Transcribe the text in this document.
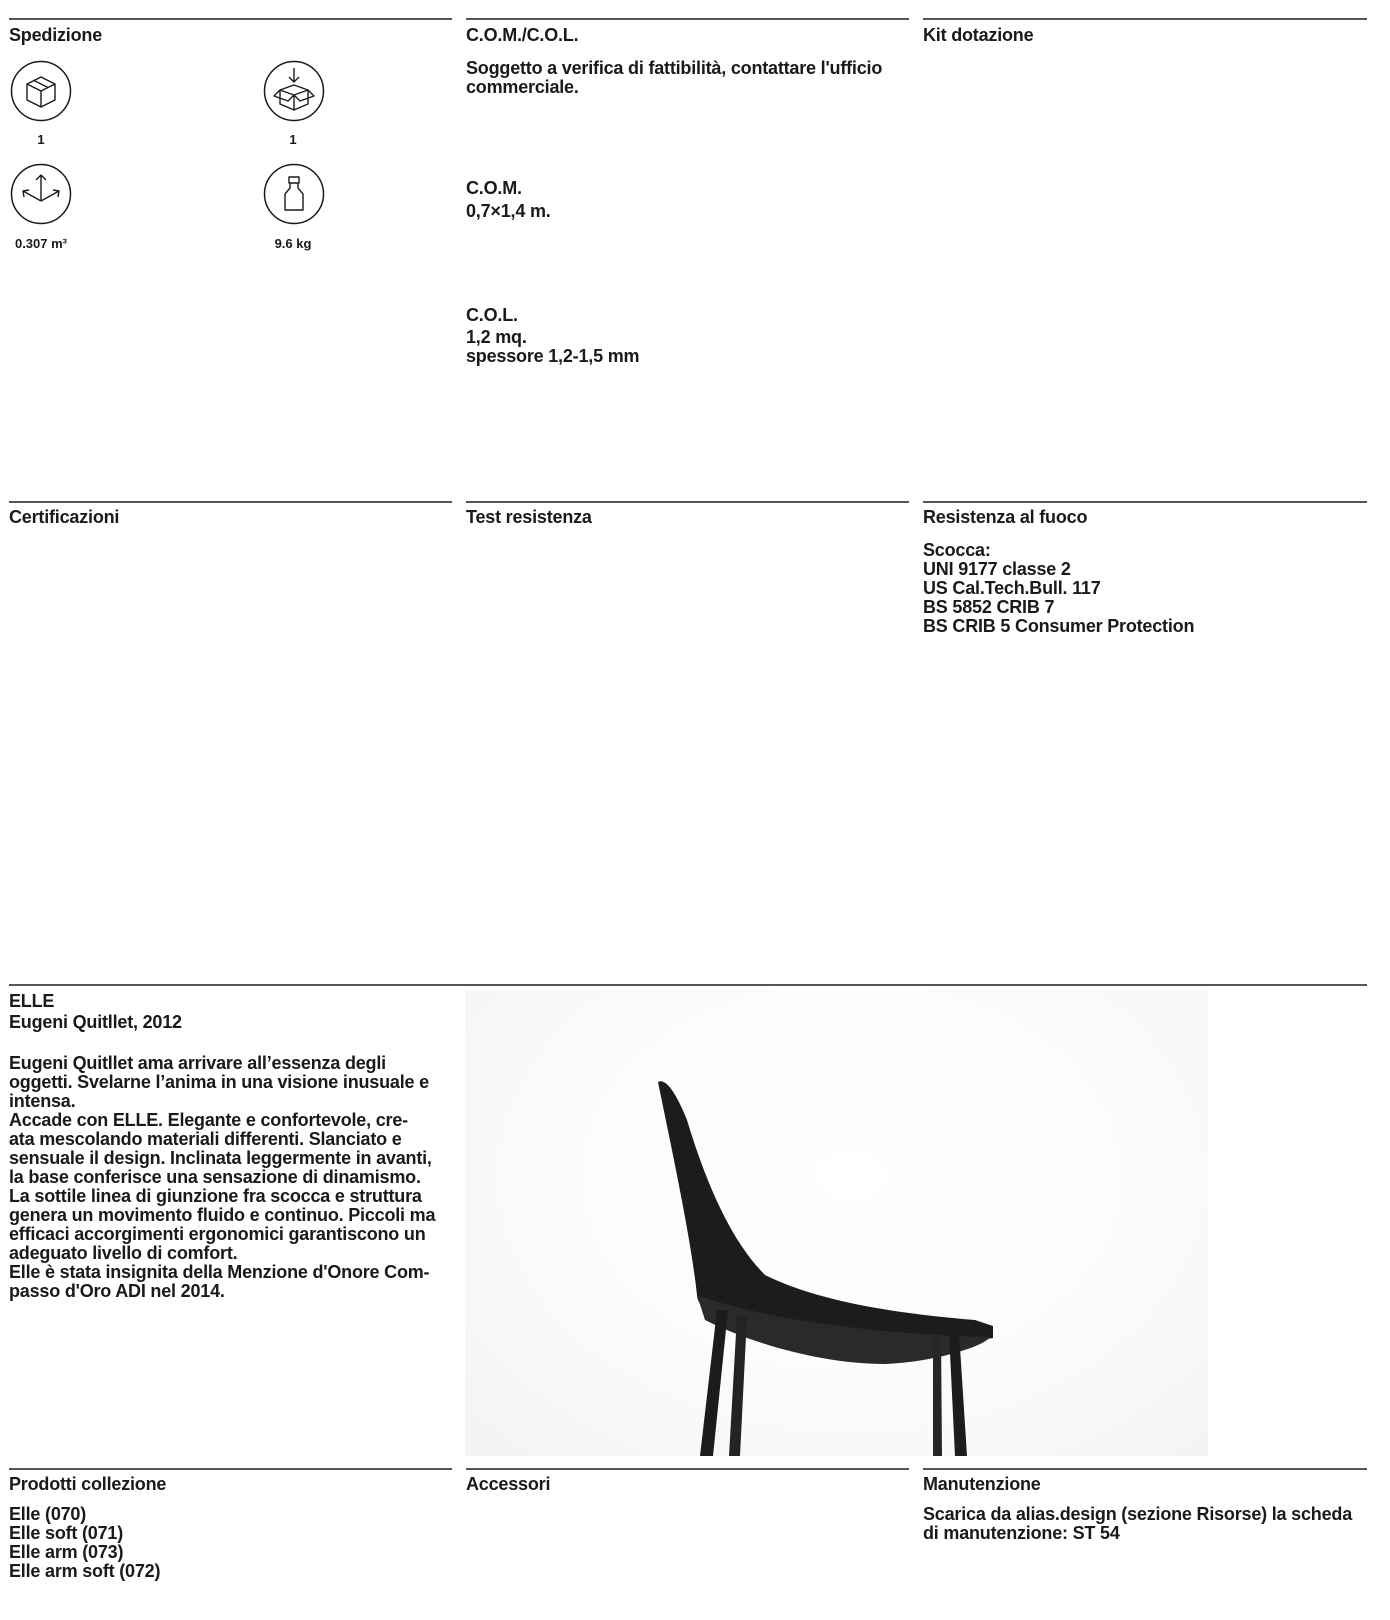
Spedizione
1	1
0.307 m³	9.6 kg
C.O.M./C.O.L.
Soggetto a verifica di fattibilità, contattare l'ufficio
commerciale.
C.O.M.
0,7×1,4 m.
C.O.L.
1,2 mq.
spessore 1,2-1,5 mm
Kit dotazione
Certificazioni	Test resistenza	Resistenza al fuoco
Scocca:
UNI 9177 classe 2
US Cal.Tech.Bull. 117
BS 5852 CRIB 7
BS CRIB 5 Consumer Protection
ELLE
Eugeni Quitllet, 2012
Eugeni Quitllet ama arrivare all’essenza degli
oggetti. Svelarne l’anima in una visione inusuale e
intensa.
Accade con ELLE. Elegante e confortevole, cre-
ata mescolando materiali differenti. Slanciato e
sensuale il design. Inclinata leggermente in avanti,
la base conferisce una sensazione di dinamismo.
La sottile linea di giunzione fra scocca e struttura
genera un movimento fluido e continuo. Piccoli ma
efficaci accorgimenti ergonomici garantiscono un
adeguato livello di comfort.
Elle è stata insignita della Menzione d'Onore Com-
passo d'Oro ADI nel 2014.
Prodotti collezione
Elle (070)
Elle soft (071)
Elle arm (073)
Elle arm soft (072)
Accessori	Manutenzione
Scarica da alias.design (sezione Risorse) la scheda
di manutenzione: ST 54
